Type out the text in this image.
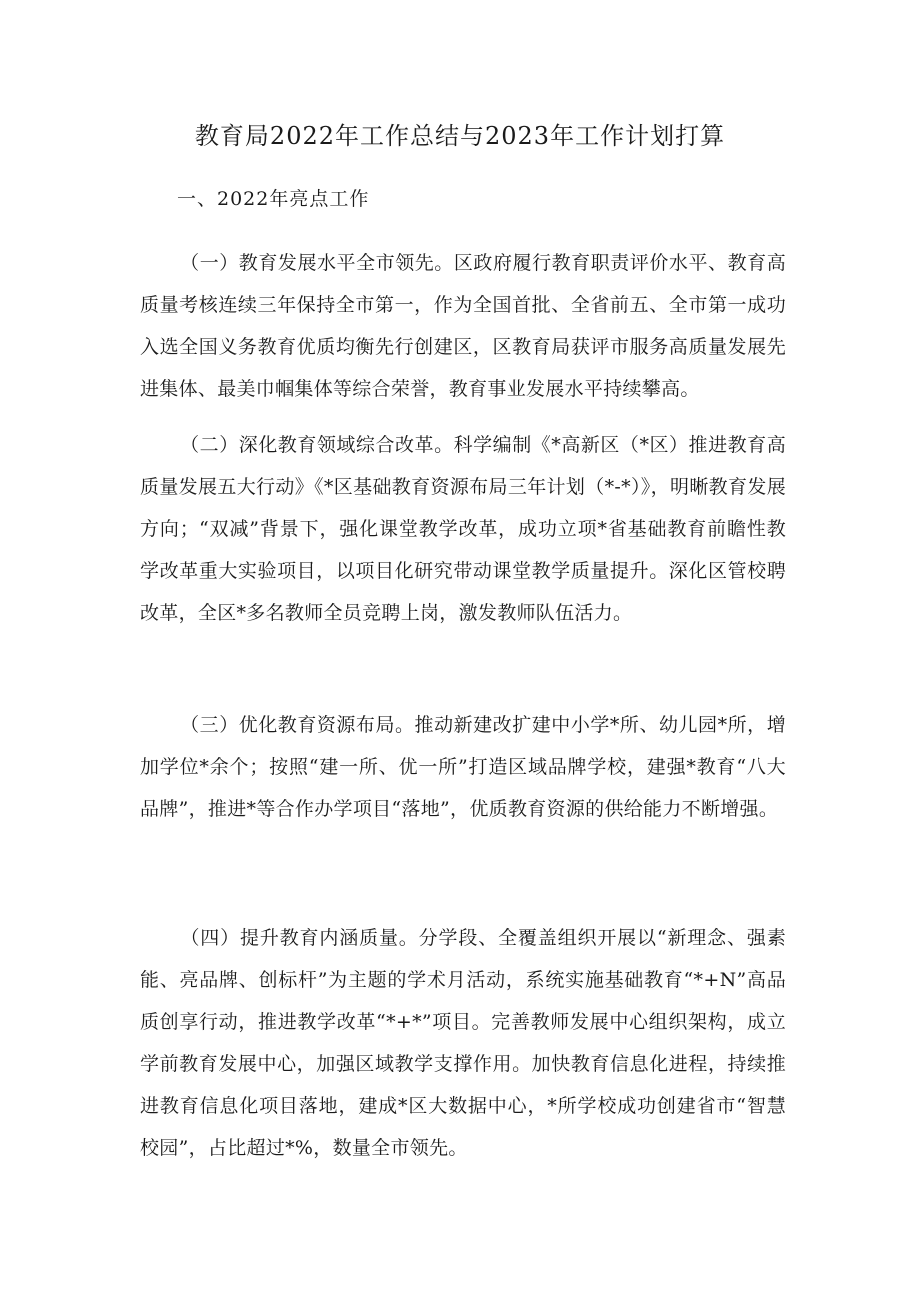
教育局2022年工作总结与2023年工作计划打算

一、2022年亮点工作

（一）教育发展水平全市领先。区政府履行教育职责评价水平、教育高质量考核连续三年保持全市第一，作为全国首批、全省前五、全市第一成功入选全国义务教育优质均衡先行创建区，区教育局获评市服务高质量发展先进集体、最美巾帼集体等综合荣誉，教育事业发展水平持续攀高。

（二）深化教育领域综合改革。科学编制《*高新区（*区）推进教育高质量发展五大行动》《*区基础教育资源布局三年计划（*-*）》，明晰教育发展方向；“双减”背景下，强化课堂教学改革，成功立项*省基础教育前瞻性教学改革重大实验项目，以项目化研究带动课堂教学质量提升。深化区管校聘改革，全区*多名教师全员竞聘上岗，激发教师队伍活力。

（三）优化教育资源布局。推动新建改扩建中小学*所、幼儿园*所，增加学位*余个；按照“建一所、优一所”打造区域品牌学校，建强*教育“八大品牌”，推进*等合作办学项目“落地”，优质教育资源的供给能力不断增强。

（四）提升教育内涵质量。分学段、全覆盖组织开展以“新理念、强素能、亮品牌、创标杆”为主题的学术月活动，系统实施基础教育“*+N”高品质创享行动，推进教学改革“*+*”项目。完善教师发展中心组织架构，成立学前教育发展中心，加强区域教学支撑作用。加快教育信息化进程，持续推进教育信息化项目落地，建成*区大数据中心，*所学校成功创建省市“智慧校园”，占比超过*%，数量全市领先。
